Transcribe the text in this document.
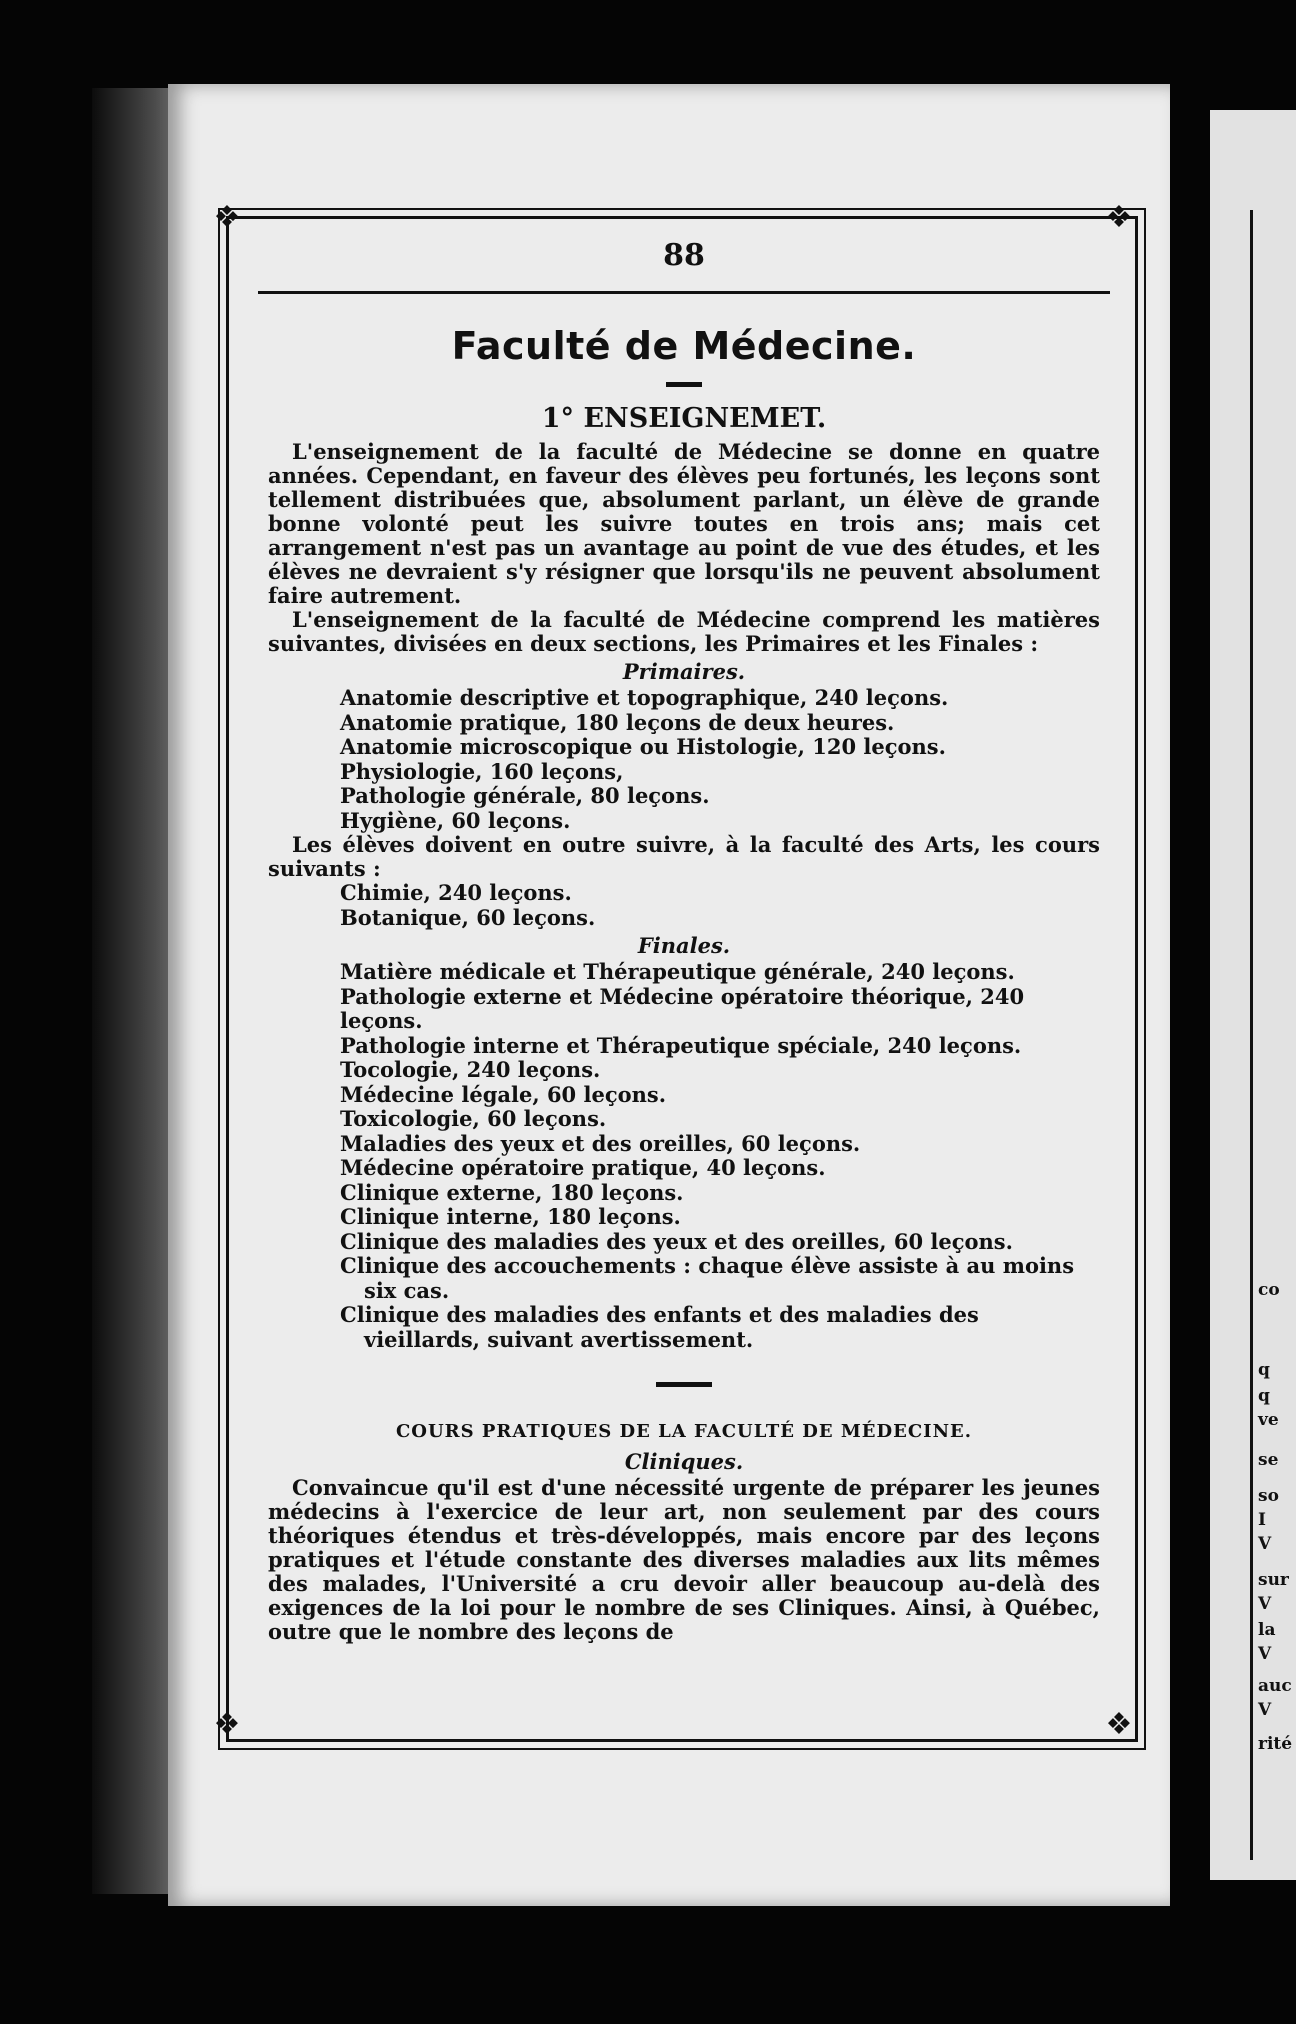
co
q
q
ve
se
so
I
V
sur
V
la
V
auc
V
rité
❖	❖
❖	❖
88
Faculté de Médecine.
1° ENSEIGNEMET.

L'enseignement de la faculté de Médecine se donne en quatre années. Cependant, en faveur des élèves peu fortunés, les leçons sont tellement distribuées que, absolument parlant, un élève de grande bonne volonté peut les suivre toutes en trois ans; mais cet arrangement n'est pas un avantage au point de vue des études, et les élèves ne devraient s'y résigner que lorsqu'ils ne peuvent absolument faire autrement.

L'enseignement de la faculté de Médecine comprend les matières suivantes, divisées en deux sections, les Primaires et les Finales :

Primaires.
Anatomie descriptive et topographique, 240 leçons.
Anatomie pratique, 180 leçons de deux heures.
Anatomie microscopique ou Histologie, 120 leçons.
Physiologie, 160 leçons,
Pathologie générale, 80 leçons.
Hygiène, 60 leçons.

Les élèves doivent en outre suivre, à la faculté des Arts, les cours suivants :

Chimie, 240 leçons.
Botanique, 60 leçons.
Finales.
Matière médicale et Thérapeutique générale, 240 leçons.
Pathologie externe et Médecine opératoire théorique, 240 leçons.
Pathologie interne et Thérapeutique spéciale, 240 leçons.
Tocologie, 240 leçons.
Médecine légale, 60 leçons.
Toxicologie, 60 leçons.
Maladies des yeux et des oreilles, 60 leçons.
Médecine opératoire pratique, 40 leçons.
Clinique externe, 180 leçons.
Clinique interne, 180 leçons.
Clinique des maladies des yeux et des oreilles, 60 leçons.
Clinique des accouchements : chaque élève assiste à au moins six cas.
Clinique des maladies des enfants et des maladies des vieillards, suivant avertissement.
COURS PRATIQUES DE LA FACULTÉ DE MÉDECINE.
Cliniques.

Convaincue qu'il est d'une nécessité urgente de préparer les jeunes médecins à l'exercice de leur art, non seulement par des cours théoriques étendus et très-développés, mais encore par des leçons pratiques et l'étude constante des diverses maladies aux lits mêmes des malades, l'Université a cru devoir aller beaucoup au-delà des exigences de la loi pour le nombre de ses Cliniques. Ainsi, à Québec, outre que le nombre des leçons de
